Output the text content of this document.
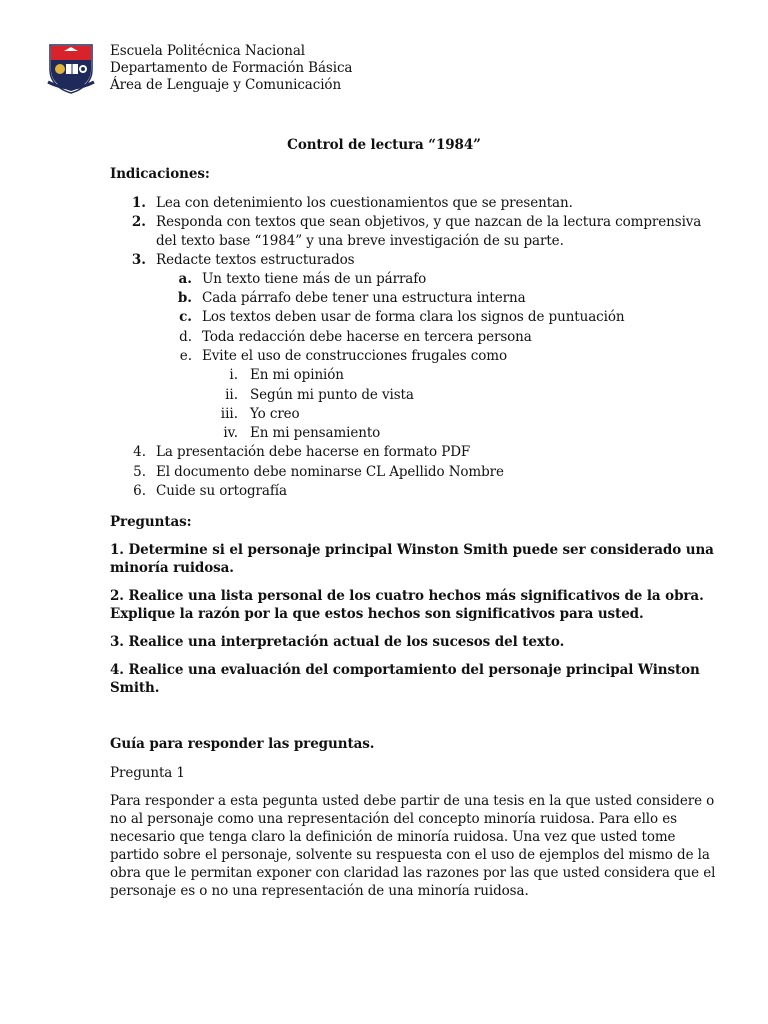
Escuela Politécnica Nacional
Departamento de Formación Básica
Área de Lenguaje y Comunicación
Control de lectura “1984”
Indicaciones:
1. Lea con detenimiento los cuestionamientos que se presentan.
2. Responda con textos que sean objetivos, y que nazcan de la lectura comprensiva
del texto base “1984” y una breve investigación de su parte.
3. Redacte textos estructurados
a. Un texto tiene más de un párrafo
b. Cada párrafo debe tener una estructura interna
c. Los textos deben usar de forma clara los signos de puntuación
d. Toda redacción debe hacerse en tercera persona
e. Evite el uso de construcciones frugales como
i. En mi opinión
ii. Según mi punto de vista
iii. Yo creo
iv. En mi pensamiento
4. La presentación debe hacerse en formato PDF
5. El documento debe nominarse CL Apellido Nombre
6. Cuide su ortografía
Preguntas:
1. Determine si el personaje principal Winston Smith puede ser considerado una
minoría ruidosa.
2. Realice una lista personal de los cuatro hechos más significativos de la obra.
Explique la razón por la que estos hechos son significativos para usted.
3. Realice una interpretación actual de los sucesos del texto.
4. Realice una evaluación del comportamiento del personaje principal Winston
Smith.
Guía para responder las preguntas.
Pregunta 1
Para responder a esta pegunta usted debe partir de una tesis en la que usted considere o
no al personaje como una representación del concepto minoría ruidosa. Para ello es
necesario que tenga claro la definición de minoría ruidosa. Una vez que usted tome
partido sobre el personaje, solvente su respuesta con el uso de ejemplos del mismo de la
obra que le permitan exponer con claridad las razones por las que usted considera que el
personaje es o no una representación de una minoría ruidosa.
